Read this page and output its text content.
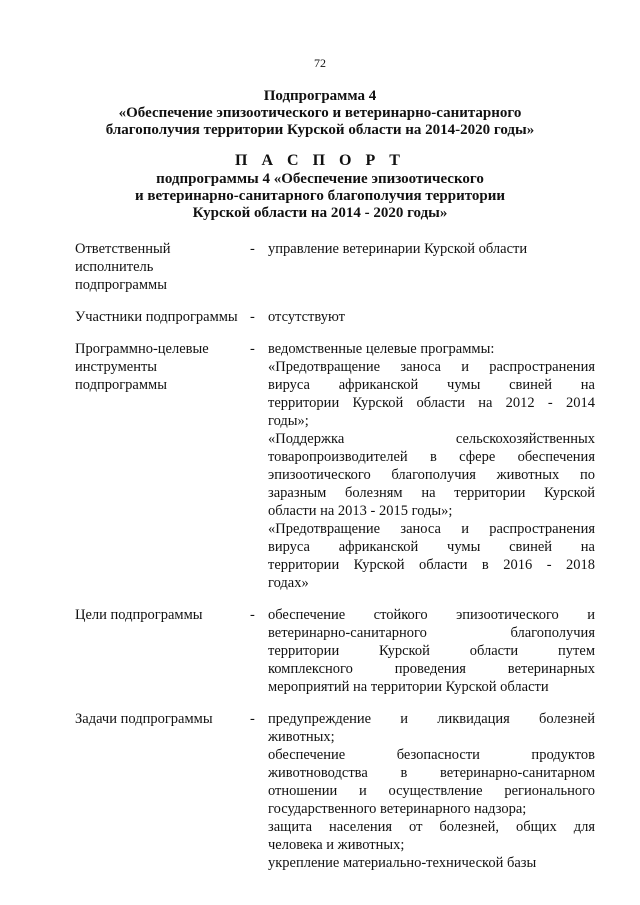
72
Подпрограмма 4
«Обеспечение эпизоотического и ветеринарно-санитарного
благополучия территории Курской области на 2014-2020 годы»
П А С П О Р Т
подпрограммы 4 «Обеспечение эпизоотического
и ветеринарно-санитарного благополучия территории
Курской области на 2014 - 2020 годы»
Ответственный
исполнитель
подпрограммы
- управление ветеринарии Курской области
Участники подпрограммы - отсутствуют
Программно-целевые
инструменты
подпрограммы
- ведомственные целевые программы:
«Предотвращение заноса и распространения
вируса африканской чумы свиней на
территории Курской области на 2012 - 2014
годы»;
«Поддержка сельскохозяйственных
товаропроизводителей в сфере обеспечения
эпизоотического благополучия животных по
заразным болезням на территории Курской
области на 2013 - 2015 годы»;
«Предотвращение заноса и распространения
вируса африканской чумы свиней на
территории Курской области в 2016 - 2018
годах»
Цели подпрограммы	- обеспечение стойкого эпизоотического и
ветеринарно-санитарного благополучия
территории Курской области путем
комплексного проведения ветеринарных
мероприятий на территории Курской области
Задачи подпрограммы	- предупреждение и ликвидация болезней
животных;
обеспечение безопасности продуктов
животноводства в ветеринарно-санитарном
отношении и осуществление регионального
государственного ветеринарного надзора;
защита населения от болезней, общих для
человека и животных;
укрепление материально-технической базы
